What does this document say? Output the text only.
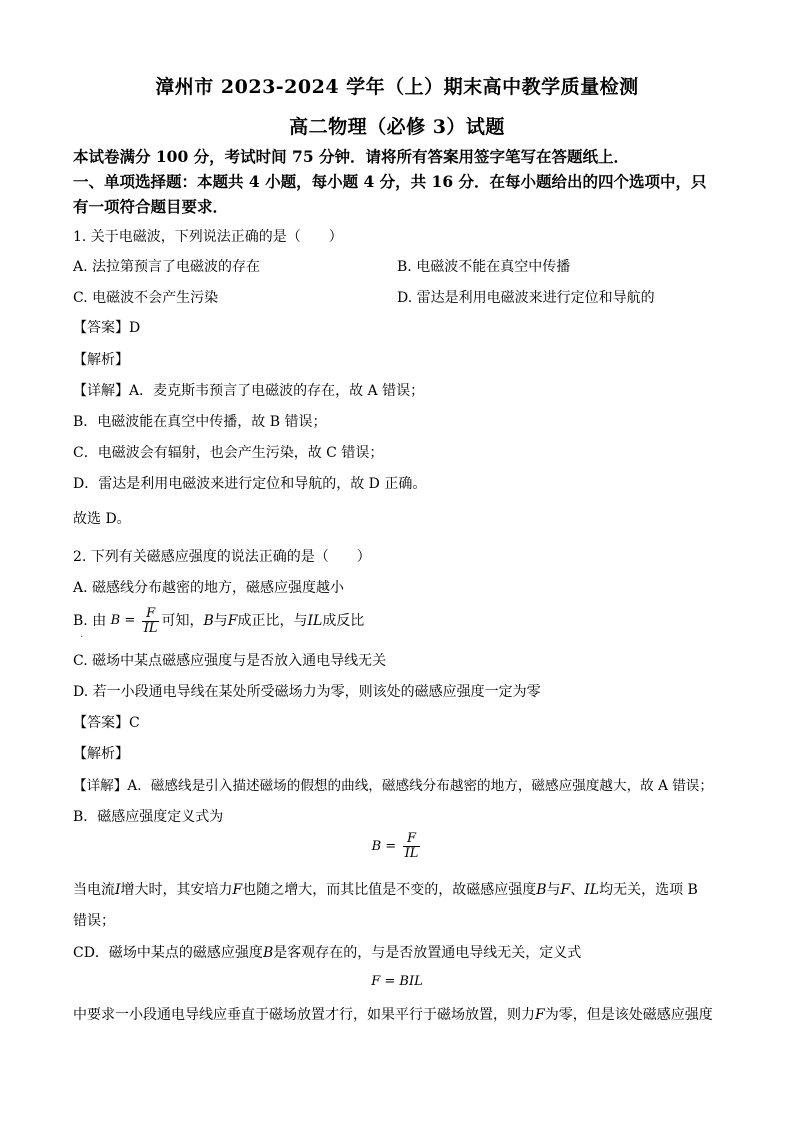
漳州市 2023-2024 学年（上）期末高中教学质量检测
高二物理（必修 3）试题
本试卷满分 100 分，考试时间 75 分钟．请将所有答案用签字笔写在答题纸上．
一、单项选择题：本题共 4 小题，每小题 4 分，共 16 分．在每小题给出的四个选项中，只
有一项符合题目要求．
1. 关于电磁波，下列说法正确的是（　　）
A. 法拉第预言了电磁波的存在	B. 电磁波不能在真空中传播
C. 电磁波不会产生污染	D. 雷达是利用电磁波来进行定位和导航的
【答案】D
【解析】
【详解】A．麦克斯韦预言了电磁波的存在，故 A 错误；
B．电磁波能在真空中传播，故 B 错误；
C．电磁波会有辐射，也会产生污染，故 C 错误；
D．雷达是利用电磁波来进行定位和导航的，故 D 正确。
故选 D。
2. 下列有关磁感应强度的说法正确的是（　　）
A. 磁感线分布越密的地方，磁感应强度越小
B. 由 $B = \frac{F}{IL}$ 可知，B与F成正比，与IL成反比
·
C. 磁场中某点磁感应强度与是否放入通电导线无关
D. 若一小段通电导线在某处所受磁场力为零，则该处的磁感应强度一定为零
【答案】C
【解析】
【详解】A．磁感线是引入描述磁场的假想的曲线，磁感线分布越密的地方，磁感应强度越大，故 A 错误；
B．磁感应强度定义式为
$B = \frac{F}{IL}$
当电流I增大时，其安培力F也随之增大，而其比值是不变的，故磁感应强度B与F、IL均无关，选项 B
错误；
CD．磁场中某点的磁感应强度B是客观存在的，与是否放置通电导线无关，定义式
F = BIL
中要求一小段通电导线应垂直于磁场放置才行，如果平行于磁场放置，则力F为零，但是该处磁感应强度
